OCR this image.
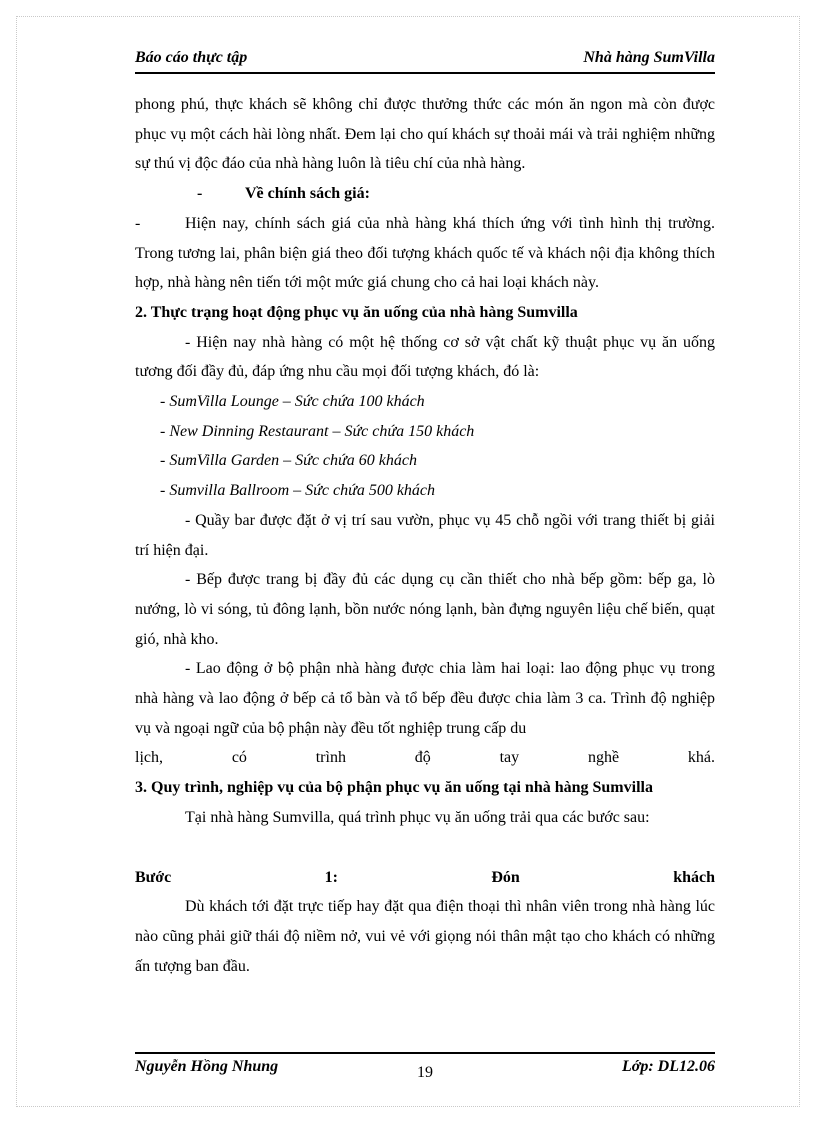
Báo cáo thực tập	Nhà hàng SumVilla

phong phú, thực khách sẽ không chỉ được thưởng thức các món ăn ngon mà còn được phục vụ một cách hài lòng nhất. Đem lại cho quí khách sự thoải mái và trải nghiệm những sự thú vị độc đáo của nhà hàng luôn là tiêu chí của nhà hàng.

-	Về chính sách giá:

-	Hiện nay, chính sách giá của nhà hàng khá thích ứng với tình hình thị trường. Trong tương lai, phân biện giá theo đối tượng khách quốc tế và khách nội địa không thích hợp, nhà hàng nên tiến tới một mức giá chung cho cả hai loại khách này.

2. Thực trạng hoạt động phục vụ ăn uống của nhà hàng Sumvilla

- Hiện nay nhà hàng có một hệ thống cơ sở vật chất kỹ thuật phục vụ ăn uống tương đối đầy đủ, đáp ứng nhu cầu mọi đối tượng khách, đó là:

- SumVilla Lounge – Sức chứa 100 khách

- New Dinning Restaurant – Sức chứa 150 khách

- SumVilla Garden – Sức chứa 60 khách

- Sumvilla Ballroom – Sức chứa 500 khách

- Quầy bar được đặt ở vị trí sau vườn, phục vụ 45 chỗ ngồi với trang thiết bị giải trí hiện đại.

- Bếp được trang bị đầy đủ các dụng cụ cần thiết cho nhà bếp gồm: bếp ga, lò nướng, lò vi sóng, tủ đông lạnh, bồn nước nóng lạnh, bàn đựng nguyên liệu chế biến, quạt gió, nhà kho.

- Lao động ở bộ phận nhà hàng được chia làm hai loại: lao động phục vụ trong nhà hàng và lao động ở bếp cả tổ bàn và tổ bếp đều được chia làm 3 ca. Trình độ nghiệp vụ và ngoại ngữ của bộ phận này đều tốt nghiệp trung cấp du

lịch, có trình độ tay nghề khá.

3. Quy trình, nghiệp vụ của bộ phận phục vụ ăn uống tại nhà hàng Sumvilla

Tại nhà hàng Sumvilla, quá trình phục vụ ăn uống trải qua các bước sau:

Bước 1: Đón khách

Dù khách tới đặt trực tiếp hay đặt qua điện thoại thì nhân viên trong nhà hàng lúc nào cũng phải giữ thái độ niềm nở, vui vẻ với giọng nói thân mật tạo cho khách có những ấn tượng ban đầu.

Nguyễn Hồng Nhung	19	Lớp: DL12.06
